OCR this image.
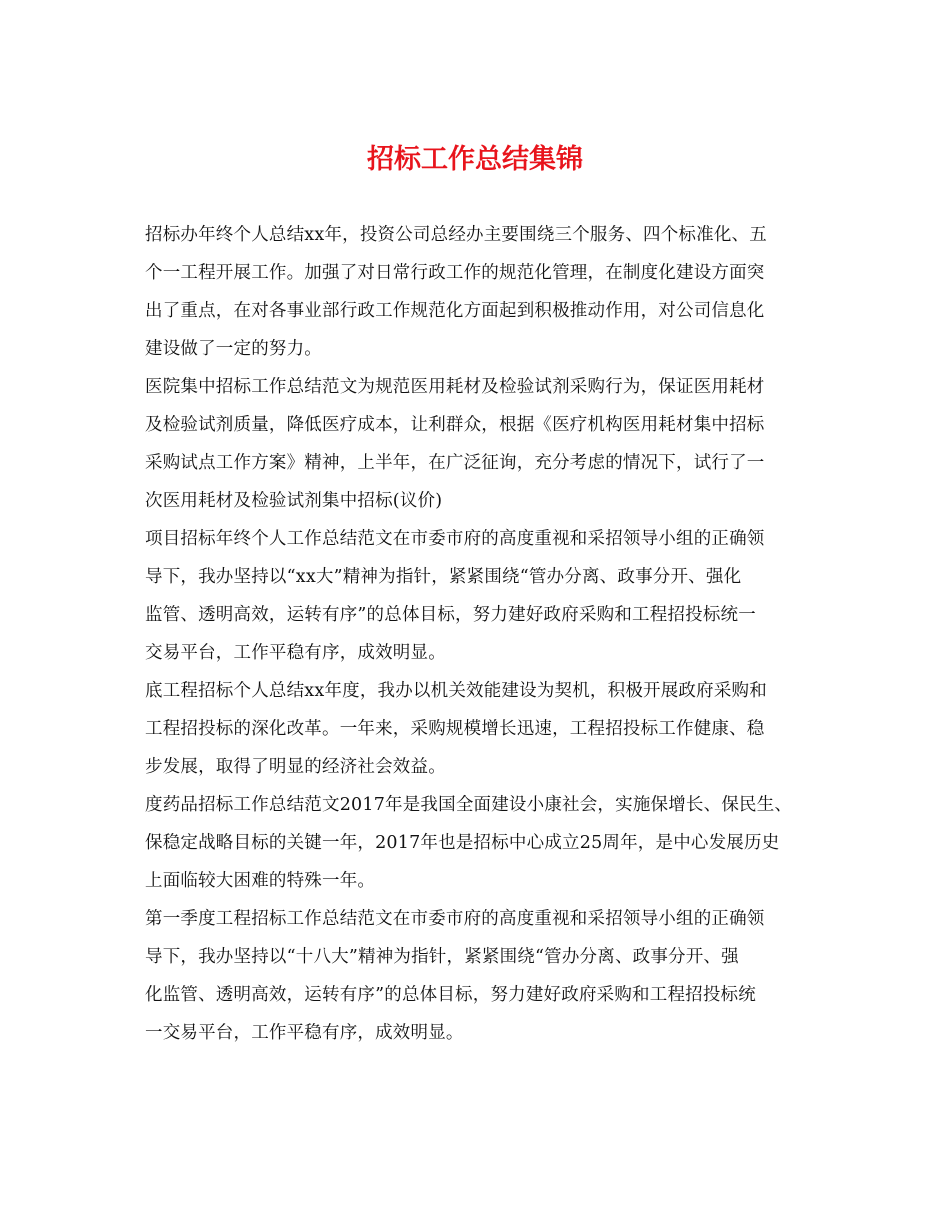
招标工作总结集锦
招标办年终个人总结xx年，投资公司总经办主要围绕三个服务、四个标准化、五
个一工程开展工作。加强了对日常行政工作的规范化管理，在制度化建设方面突
出了重点，在对各事业部行政工作规范化方面起到积极推动作用，对公司信息化
建设做了一定的努力。
医院集中招标工作总结范文为规范医用耗材及检验试剂采购行为，保证医用耗材
及检验试剂质量，降低医疗成本，让利群众，根据《医疗机构医用耗材集中招标
采购试点工作方案》精神，上半年，在广泛征询，充分考虑的情况下，试行了一
次医用耗材及检验试剂集中招标(议价)
项目招标年终个人工作总结范文在市委市府的高度重视和采招领导小组的正确领
导下，我办坚持以“xx大”精神为指针，紧紧围绕“管办分离、政事分开、强化
监管、透明高效，运转有序”的总体目标，努力建好政府采购和工程招投标统一
交易平台，工作平稳有序，成效明显。
底工程招标个人总结xx年度，我办以机关效能建设为契机，积极开展政府采购和
工程招投标的深化改革。一年来，采购规模增长迅速，工程招投标工作健康、稳
步发展，取得了明显的经济社会效益。
度药品招标工作总结范文2017年是我国全面建设小康社会，实施保增长、保民生、
保稳定战略目标的关键一年，2017年也是招标中心成立25周年，是中心发展历史
上面临较大困难的特殊一年。
第一季度工程招标工作总结范文在市委市府的高度重视和采招领导小组的正确领
导下，我办坚持以“十八大”精神为指针，紧紧围绕“管办分离、政事分开、强
化监管、透明高效，运转有序”的总体目标，努力建好政府采购和工程招投标统
一交易平台，工作平稳有序，成效明显。
